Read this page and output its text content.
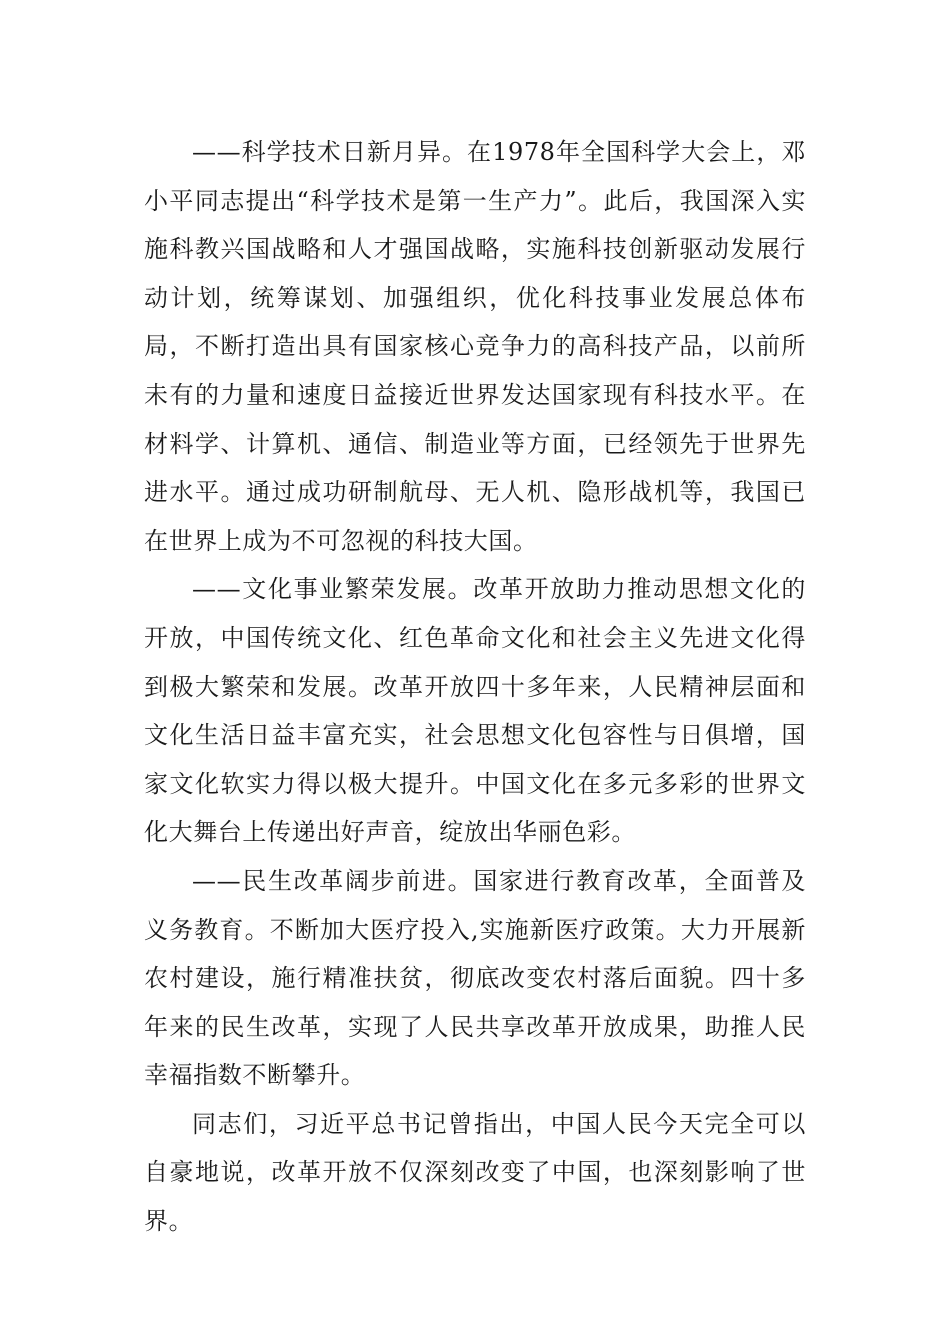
——科学技术日新月异。在1978年全国科学大会上，邓小平同志提出“科学技术是第一生产力”。此后，我国深入实施科教兴国战略和人才强国战略，实施科技创新驱动发展行动计划，统筹谋划、加强组织，优化科技事业发展总体布局，不断打造出具有国家核心竞争力的高科技产品，以前所未有的力量和速度日益接近世界发达国家现有科技水平。在材料学、计算机、通信、制造业等方面，已经领先于世界先进水平。通过成功研制航母、无人机、隐形战机等，我国已在世界上成为不可忽视的科技大国。

——文化事业繁荣发展。改革开放助力推动思想文化的开放，中国传统文化、红色革命文化和社会主义先进文化得到极大繁荣和发展。改革开放四十多年来，人民精神层面和文化生活日益丰富充实，社会思想文化包容性与日俱增，国家文化软实力得以极大提升。中国文化在多元多彩的世界文化大舞台上传递出好声音，绽放出华丽色彩。

——民生改革阔步前进。国家进行教育改革，全面普及义务教育。不断加大医疗投入,实施新医疗政策。大力开展新农村建设，施行精准扶贫，彻底改变农村落后面貌。四十多年来的民生改革，实现了人民共享改革开放成果，助推人民幸福指数不断攀升。

同志们，习近平总书记曾指出，中国人民今天完全可以自豪地说，改革开放不仅深刻改变了中国，也深刻影响了世界。
